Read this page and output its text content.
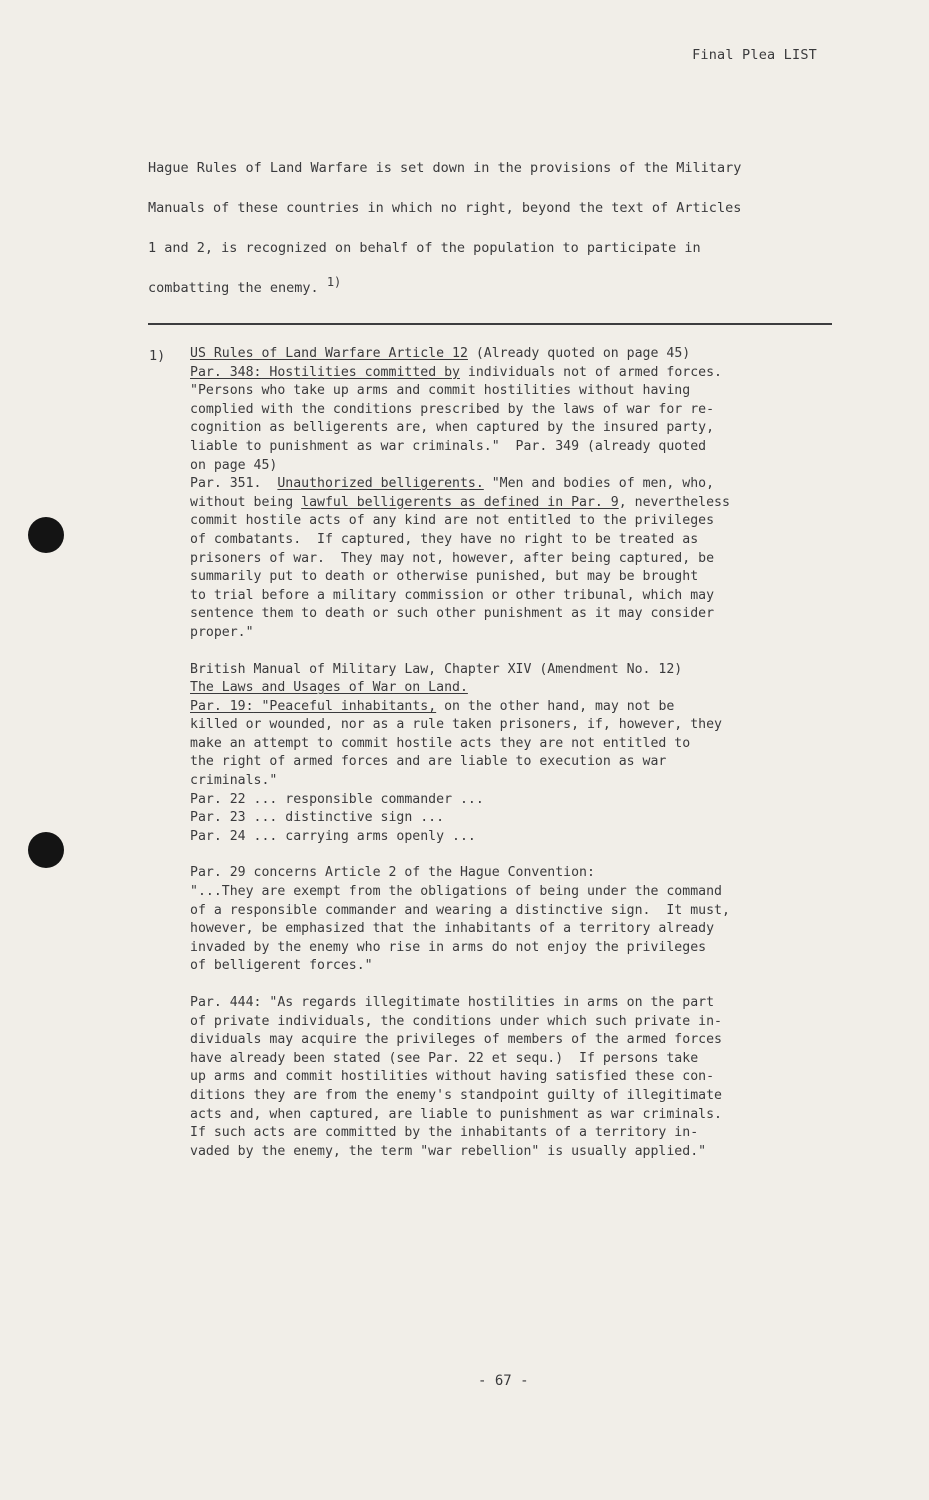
Final Plea LIST
Hague Rules of Land Warfare is set down in the provisions of the Military
Manuals of these countries in which no right, beyond the text of Articles
1 and 2, is recognized on behalf of the population to participate in
combatting the enemy. $^{1)}$
1) US Rules of Land Warfare Article 12 (Already quoted on page 45)
Par. 348: Hostilities committed by individuals not of armed forces.
"Persons who take up arms and commit hostilities without having
complied with the conditions prescribed by the laws of war for re-
cognition as belligerents are, when captured by the insured party,
liable to punishment as war criminals."  Par. 349 (already quoted
on page 45)
Par. 351. Unauthorized belligerents. "Men and bodies of men, who,
without being lawful belligerents as defined in Par. 9, nevertheless
commit hostile acts of any kind are not entitled to the privileges
of combatants.  If captured, they have no right to be treated as
prisoners of war.  They may not, however, after being captured, be
summarily put to death or otherwise punished, but may be brought
to trial before a military commission or other tribunal, which may
sentence them to death or such other punishment as it may consider
proper."
British Manual of Military Law, Chapter XIV (Amendment No. 12)
The Laws and Usages of War on Land.
Par. 19: "Peaceful inhabitants, on the other hand, may not be
killed or wounded, nor as a rule taken prisoners, if, however, they
make an attempt to commit hostile acts they are not entitled to
the right of armed forces and are liable to execution as war
criminals."
Par. 22 ... responsible commander ...
Par. 23 ... distinctive sign ...
Par. 24 ... carrying arms openly ...
Par. 29 concerns Article 2 of the Hague Convention:
"...They are exempt from the obligations of being under the command
of a responsible commander and wearing a distinctive sign.  It must,
however, be emphasized that the inhabitants of a territory already
invaded by the enemy who rise in arms do not enjoy the privileges
of belligerent forces."
Par. 444: "As regards illegitimate hostilities in arms on the part
of private individuals, the conditions under which such private in-
dividuals may acquire the privileges of members of the armed forces
have already been stated (see Par. 22 et sequ.)  If persons take
up arms and commit hostilities without having satisfied these con-
ditions they are from the enemy's standpoint guilty of illegitimate
acts and, when captured, are liable to punishment as war criminals.
If such acts are committed by the inhabitants of a territory in-
vaded by the enemy, the term "war rebellion" is usually applied."
- 67 -
